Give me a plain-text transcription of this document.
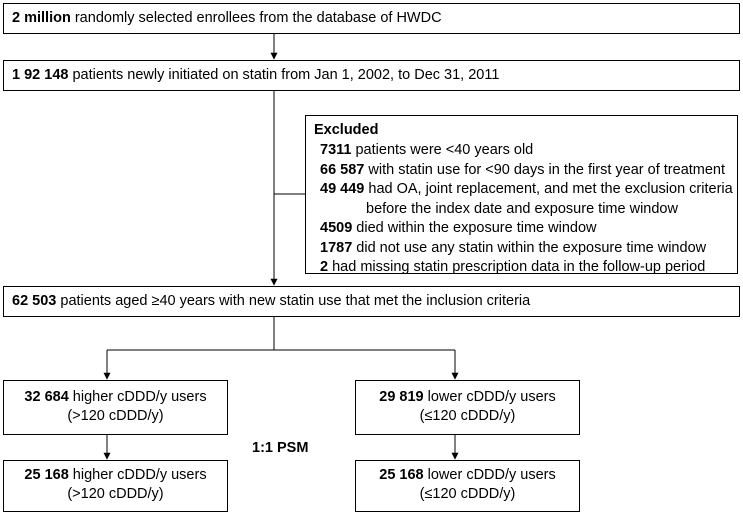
2 million randomly selected enrollees from the database of HWDC
1 92 148 patients newly initiated on statin from Jan 1, 2002, to Dec 31, 2011
Excluded
7311 patients were <40 years old
66 587 with statin use for <90 days in the first year of treatment
49 449 had OA, joint replacement, and met the exclusion criteria
before the index date and exposure time window
4509 died within the exposure time window
1787 did not use any statin within the exposure time window
2 had missing statin prescription data in the follow-up period
62 503 patients aged ≥40 years with new statin use that met the inclusion criteria
32 684 higher cDDD/y users
(>120 cDDD/y)
29 819 lower cDDD/y users
(≤120 cDDD/y)
1:1 PSM
25 168 higher cDDD/y users
(>120 cDDD/y)
25 168 lower cDDD/y users
(≤120 cDDD/y)
